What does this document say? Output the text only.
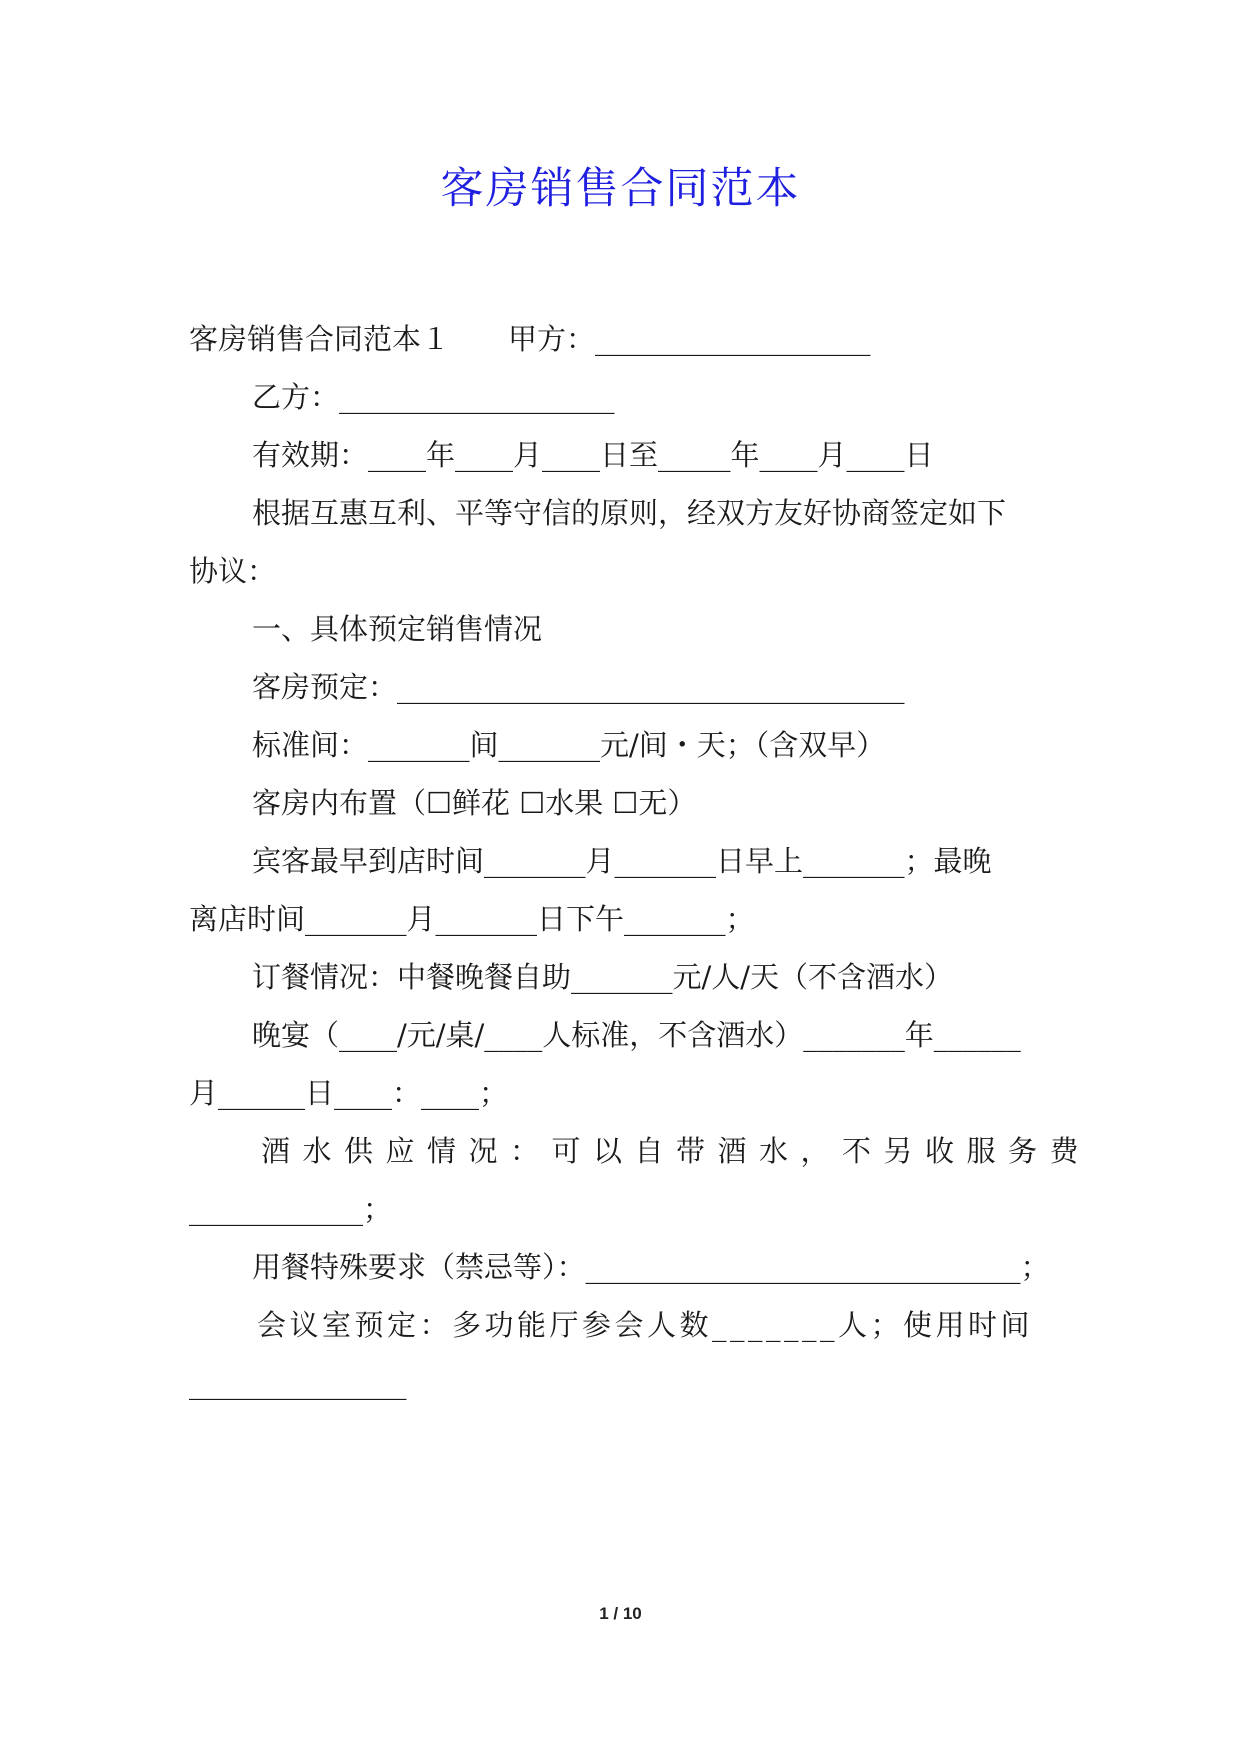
客房销售合同范本
客房销售合同范本１　　甲方：___________________
乙方：___________________
有效期：____年____月____日至_____年____月____日
根据互惠互利、平等守信的原则，经双方友好协商签定如下
协议：
一、具体预定销售情况
客房预定：___________________________________
标准间：_______间_______元/间・天；（含双早）
客房内布置（☐鲜花 ☐水果 ☐无）
宾客最早到店时间_______月_______日早上_______；最晚
离店时间_______月_______日下午_______；
订餐情况：中餐晚餐自助_______元/人/天（不含酒水）
晚宴（____/元/桌/____人标准，不含酒水）_______年______
月______日____：____；
酒水供应情况：可以自带酒水，不另收服务费
____________；
用餐特殊要求（禁忌等）：______________________________；
会议室预定：多功能厅参会人数_______人；使用时间
_______________
1 / 10
